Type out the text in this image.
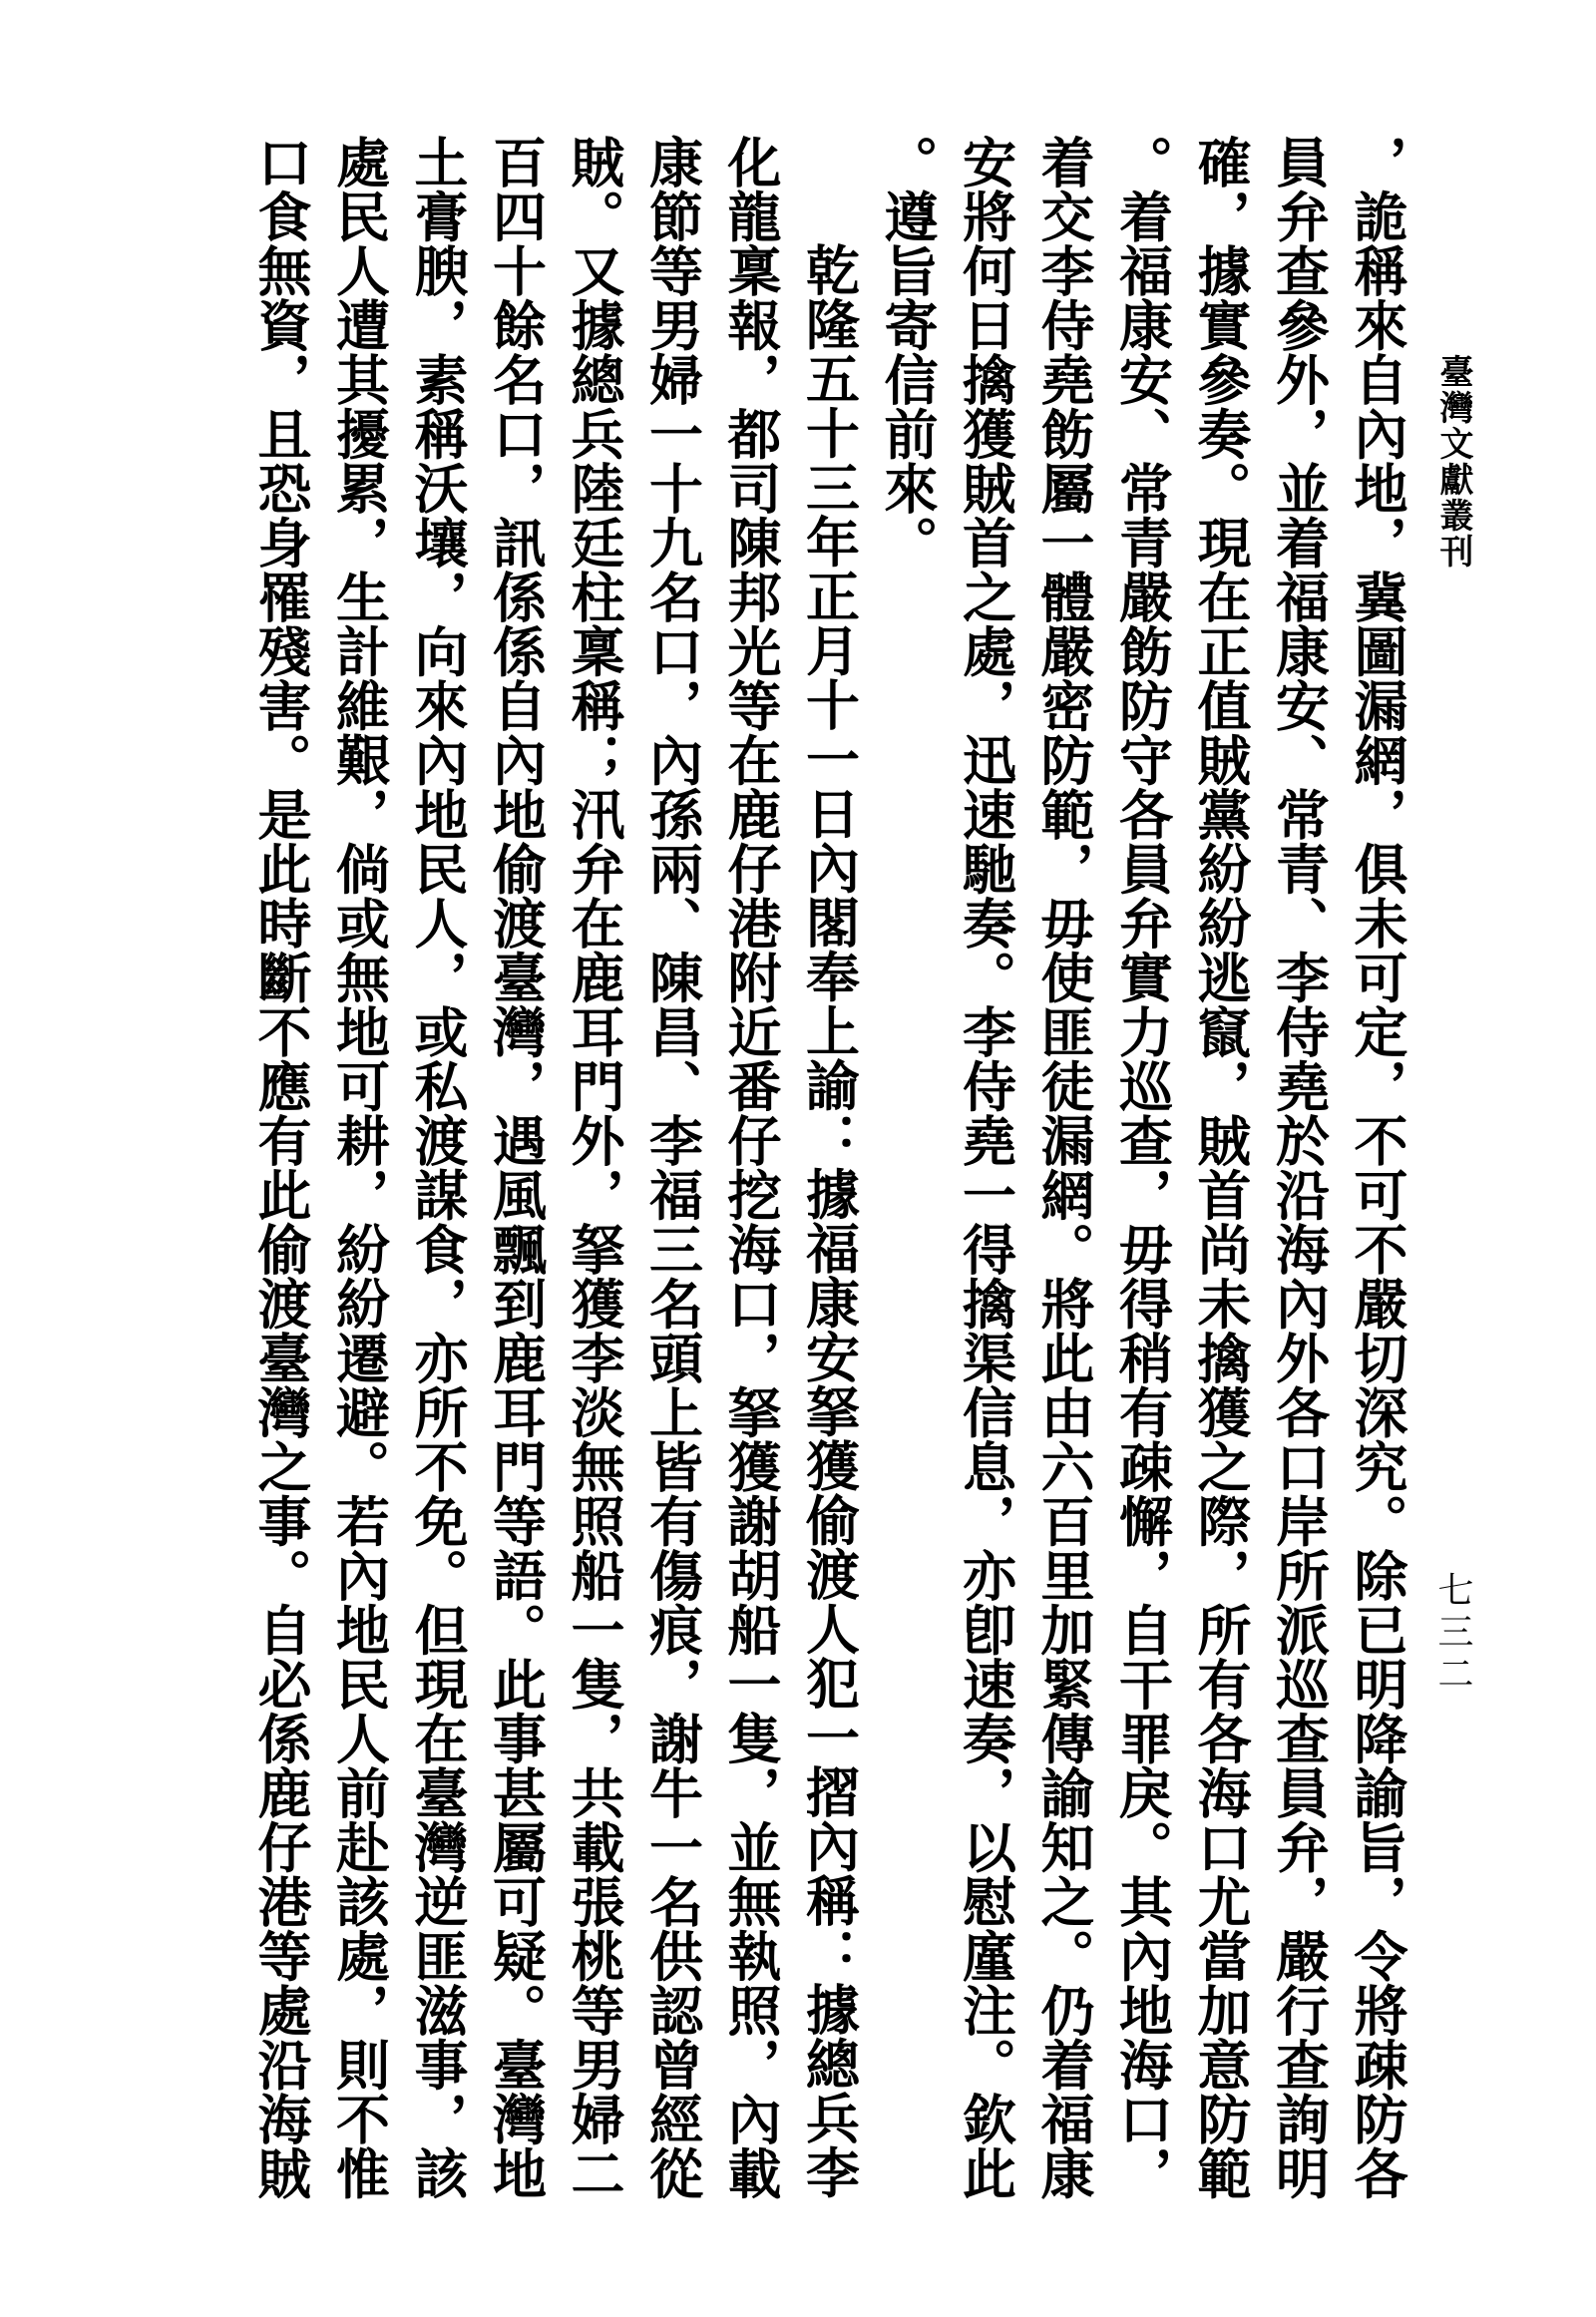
臺灣文獻叢刊
七三二
，詭稱來自內地，冀圖漏網，俱未可定，不可不嚴切深究。除已明降諭旨，令將疎防各
員弁查參外，並着福康安、常青、李侍堯於沿海內外各口岸所派巡查員弁，嚴行查詢明
確，據實參奏。現在正值賊黨紛紛逃竄，賊首尚未擒獲之際，所有各海口尤當加意防範
。着福康安、常青嚴飭防守各員弁實力巡查，毋得稍有疎懈，自干罪戾。其內地海口，
着交李侍堯飭屬一體嚴密防範，毋使匪徒漏網。將此由六百里加緊傳諭知之。仍着福康
安將何日擒獲賊首之處，迅速馳奏。李侍堯一得擒渠信息，亦卽速奏，以慰廑注。欽此
。遵旨寄信前來。
乾隆五十三年正月十一日內閣奉上諭：據福康安拏獲偷渡人犯一摺內稱：據總兵李
化龍稟報，都司陳邦光等在鹿仔港附近番仔挖海口，拏獲謝胡船一隻，並無執照，內載
康節等男婦一十九名口，內孫兩、陳昌、李福三名頭上皆有傷痕，謝牛一名供認曾經從
賊。又據總兵陸廷柱稟稱；汛弁在鹿耳門外，拏獲李淡無照船一隻，共載張桃等男婦二
百四十餘名口，訊係係自內地偷渡臺灣，遇風飄到鹿耳門等語。此事甚屬可疑。臺灣地
土膏腴，素稱沃壤，向來內地民人，或私渡謀食，亦所不免。但現在臺灣逆匪滋事，該
處民人遭其擾累，生計維艱，倘或無地可耕，紛紛遷避。若內地民人前赴該處，則不惟
口食無資，且恐身罹殘害。是此時斷不應有此偷渡臺灣之事。自必係鹿仔港等處沿海賊
